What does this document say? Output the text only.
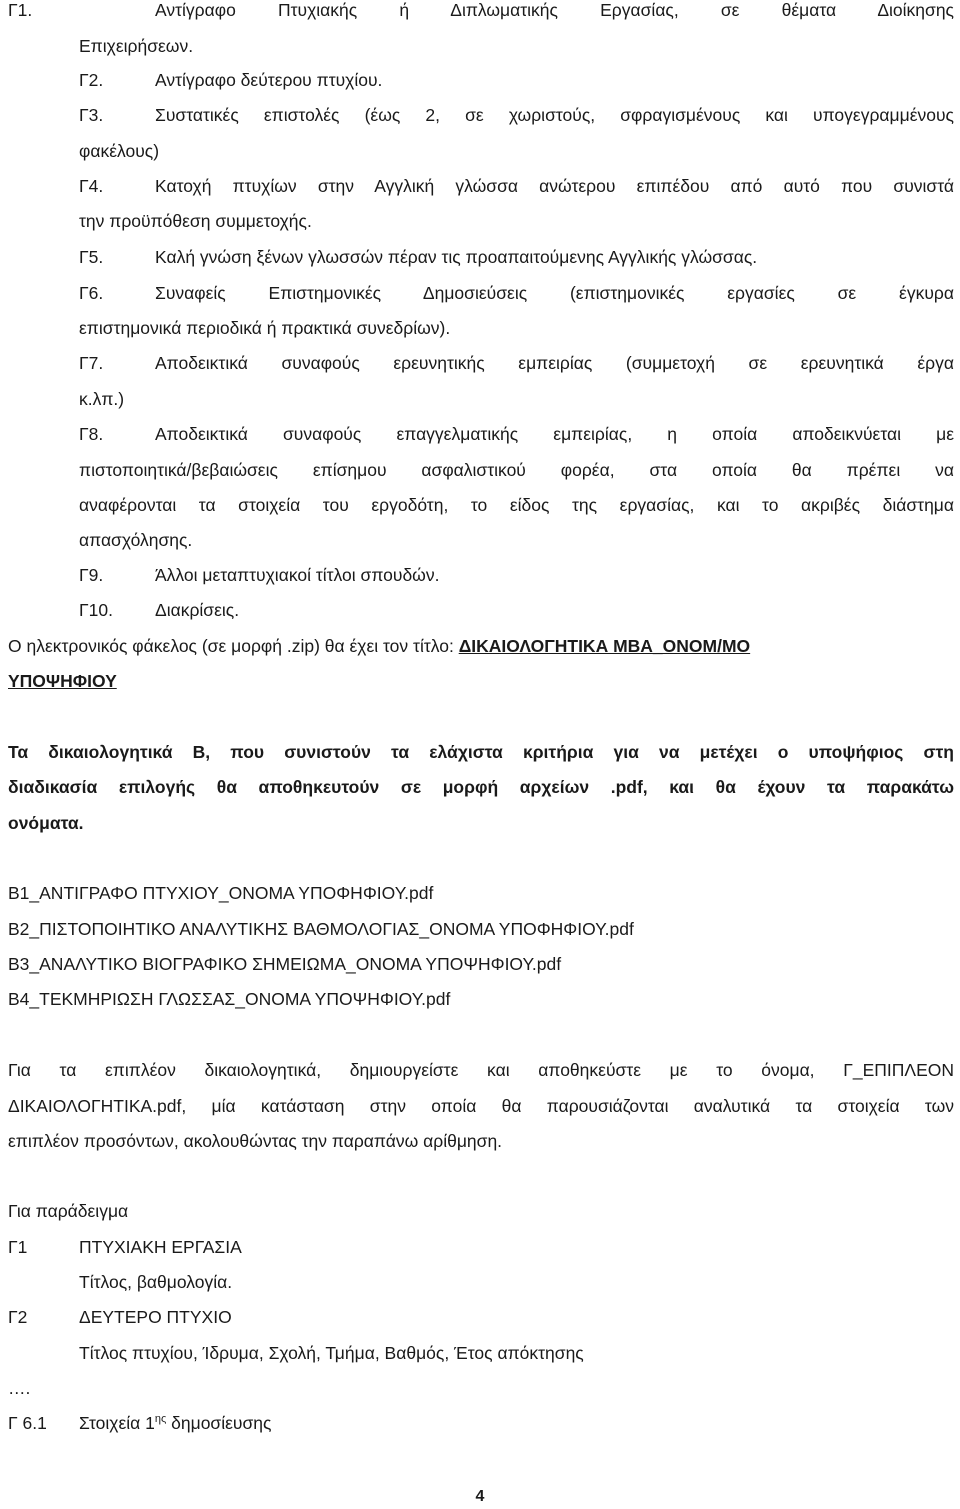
Γ1.	Αντίγραφο Πτυχιακής ή Διπλωματικής Εργασίας, σε θέματα Διοίκησης
Επιχειρήσεων.
Γ2.	Αντίγραφο δεύτερου πτυχίου.
Γ3.	Συστατικές επιστολές (έως 2, σε χωριστούς, σφραγισμένους και υπογεγραμμένους
φακέλους)
Γ4.	Κατοχή πτυχίων στην Αγγλική γλώσσα ανώτερου επιπέδου από αυτό που συνιστά
την προϋπόθεση συμμετοχής.
Γ5.	Καλή γνώση ξένων γλωσσών πέραν τις προαπαιτούμενης Αγγλικής γλώσσας.
Γ6.	Συναφείς Επιστημονικές Δημοσιεύσεις (επιστημονικές εργασίες σε έγκυρα
επιστημονικά περιοδικά ή πρακτικά συνεδρίων).
Γ7.	Αποδεικτικά συναφούς ερευνητικής εμπειρίας (συμμετοχή σε ερευνητικά έργα
κ.λπ.)
Γ8.	Αποδεικτικά συναφούς επαγγελματικής εμπειρίας, η οποία αποδεικνύεται με
πιστοποιητικά/βεβαιώσεις επίσημου ασφαλιστικού φορέα, στα οποία θα πρέπει να
αναφέρονται τα στοιχεία του εργοδότη, το είδος της εργασίας, και το ακριβές διάστημα
απασχόλησης.
Γ9.	Άλλοι μεταπτυχιακοί τίτλοι σπουδών.
Γ10. Διακρίσεις.
Ο ηλεκτρονικός φάκελος (σε μορφή .zip) θα έχει τον τίτλο: ΔΙΚΑΙΟΛΟΓΗΤΙΚΑ MBA_ΟΝΟΜ/ΜΟ
ΥΠΟΨΗΦΙΟΥ
Τα δικαιολογητικά Β, που συνιστούν τα ελάχιστα κριτήρια για να μετέχει ο υποψήφιος στη
διαδικασία επιλογής θα αποθηκευτούν σε μορφή αρχείων .pdf, και θα έχουν τα παρακάτω
ονόματα.
Β1_ΑΝΤΙΓΡΑΦΟ ΠΤΥΧΙΟΥ_ΟΝΟΜΑ ΥΠΟΦΗΦΙΟΥ.pdf
Β2_ΠΙΣΤΟΠΟΙΗΤΙΚΟ ΑΝΑΛΥΤΙΚΗΣ ΒΑΘΜΟΛΟΓΙΑΣ_ΟΝΟΜΑ ΥΠΟΦΗΦΙΟΥ.pdf
Β3_ΑΝΑΛΥΤΙΚΟ ΒΙΟΓΡΑΦΙΚΟ ΣΗΜΕΙΩΜΑ_ΟΝΟΜΑ ΥΠΟΨΗΦΙΟΥ.pdf
Β4_ΤΕΚΜΗΡΙΩΣΗ ΓΛΩΣΣΑΣ_ΟΝΟΜΑ ΥΠΟΨΗΦΙΟΥ.pdf
Για τα επιπλέον δικαιολογητικά, δημιουργείστε και αποθηκεύστε με το όνομα, Γ_ΕΠΙΠΛΕΟΝ
ΔΙΚΑΙΟΛΟΓΗΤΙΚΑ.pdf, μία κατάσταση στην οποία θα παρουσιάζονται αναλυτικά τα στοιχεία των
επιπλέον προσόντων, ακολουθώντας την παραπάνω αρίθμηση.
Για παράδειγμα
Γ1	ΠΤΥΧΙΑΚΗ ΕΡΓΑΣΙΑ
Τίτλος, βαθμολογία.
Γ2	ΔΕΥΤΕΡΟ ΠΤΥΧΙΟ
Τίτλος πτυχίου, Ίδρυμα, Σχολή, Τμήμα, Βαθμός, Έτος απόκτησης
….
Γ 6.1 Στοιχεία $1^{\eta\varsigma}$ δημοσίευσης
4
